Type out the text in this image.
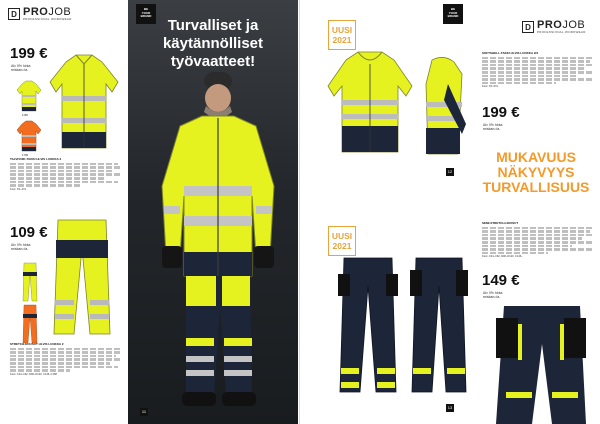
D PROJOB
PROFESSIONAL WORKWEAR
199 €
Alv 0% hinta
reiskaru ta.
1180
1780
TALVIVOIK-TAKKI HI-VIS LUOKKA 3
Koot: XS–4XL
109 €
Alv 0% hinta
reiskaru ta.
STRETCH-HOUSUT HI-VIS LUOKKA 2
Koot: C44–C62, D96–D120, C146–C158
BE
YOUR
BRAND
Turvalliset ja
käytännölliset
työvaatteet!
11
UUSI
2021
BE
YOUR
BRAND
D PROJOB
PROFESSIONAL WORKWEAR
SOFTSHELL-TAKKI HI-VIS LUOKKA 2/3
Koot: XS–5XL
199 €
Alv 0% hinta
reiskaru ta.
12
UUSI
2021
13
SEMI-STRETCH-HOUSUT
Koot: C44–C62, D96–D120, C146–
149 €
Alv 0% hinta
reiskaru ta.
MUKAVUUS
NÄKYVYYS
TURVALLISUUS
